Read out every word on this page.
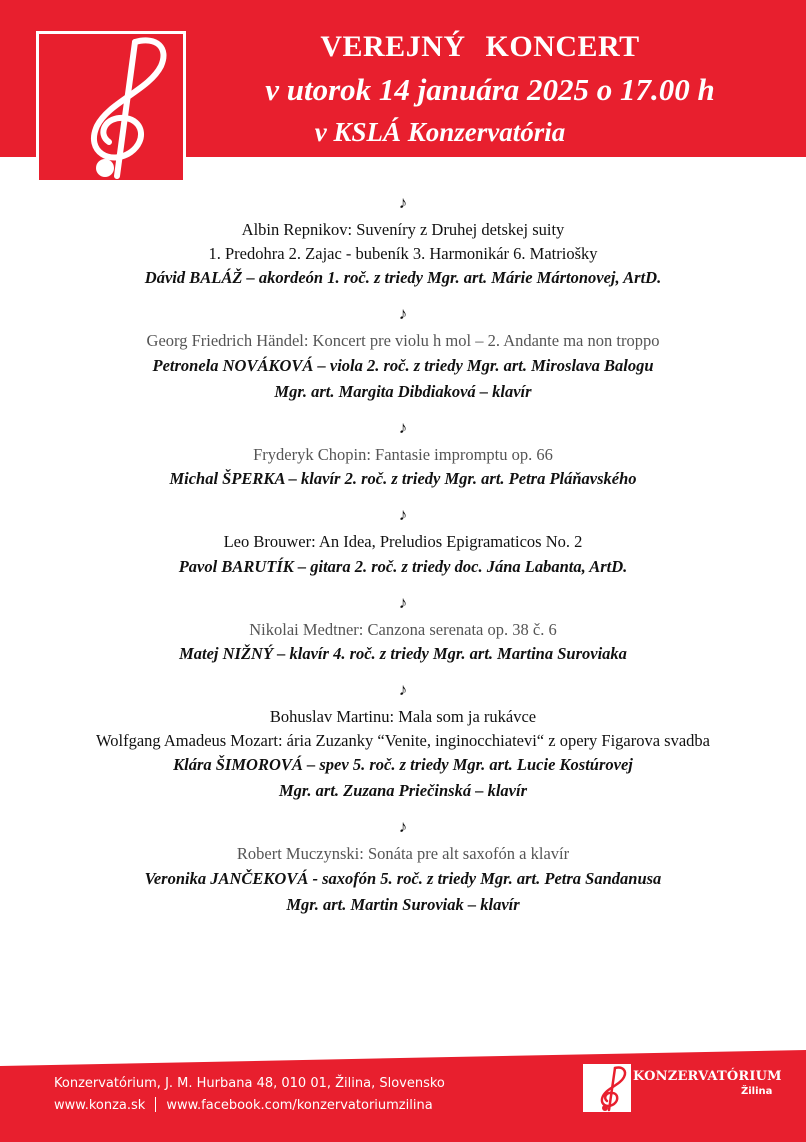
VEREJNÝ KONCERT
v utorok 14 januára 2025 o 17.00 h
v KSLÁ Konzervatória
♪
Albin Repnikov: Suveníry z Druhej detskej suity
1. Predohra 2. Zajac - bubeník 3. Harmonikár 6. Matriošky
Dávid BALÁŽ – akordeón 1. roč. z triedy Mgr. art. Márie Mártonovej, ArtD.
♪
Georg Friedrich Händel: Koncert pre violu h mol – 2. Andante ma non troppo
Petronela NOVÁKOVÁ – viola 2. roč. z triedy Mgr. art. Miroslava Balogu
Mgr. art. Margita Dibdiaková – klavír
♪
Fryderyk Chopin: Fantasie impromptu op. 66
Michal ŠPERKA – klavír 2. roč. z triedy Mgr. art. Petra Pláňavského
♪
Leo Brouwer: An Idea, Preludios Epigramaticos No. 2
Pavol BARUTÍK – gitara 2. roč. z triedy doc. Jána Labanta, ArtD.
♪
Nikolai Medtner: Canzona serenata op. 38 č. 6
Matej NIŽNÝ – klavír 4. roč. z triedy Mgr. art. Martina Suroviaka
♪
Bohuslav Martinu: Mala som ja rukávce
Wolfgang Amadeus Mozart: ária Zuzanky “Venite, inginocchiatevi“ z opery Figarova svadba
Klára ŠIMOROVÁ – spev 5. roč. z triedy Mgr. art. Lucie Kostúrovej
Mgr. art. Zuzana Priečinská – klavír
♪
Robert Muczynski: Sonáta pre alt saxofón a klavír
Veronika JANČEKOVÁ - saxofón 5. roč. z triedy Mgr. art. Petra Sandanusa
Mgr. art. Martin Suroviak – klavír
Konzervatórium, J. M. Hurbana 48, 010 01, Žilina, Slovensko
www.konza.sk www.facebook.com/konzervatoriumzilina
KONZERVATÓRIUM
Žilina
